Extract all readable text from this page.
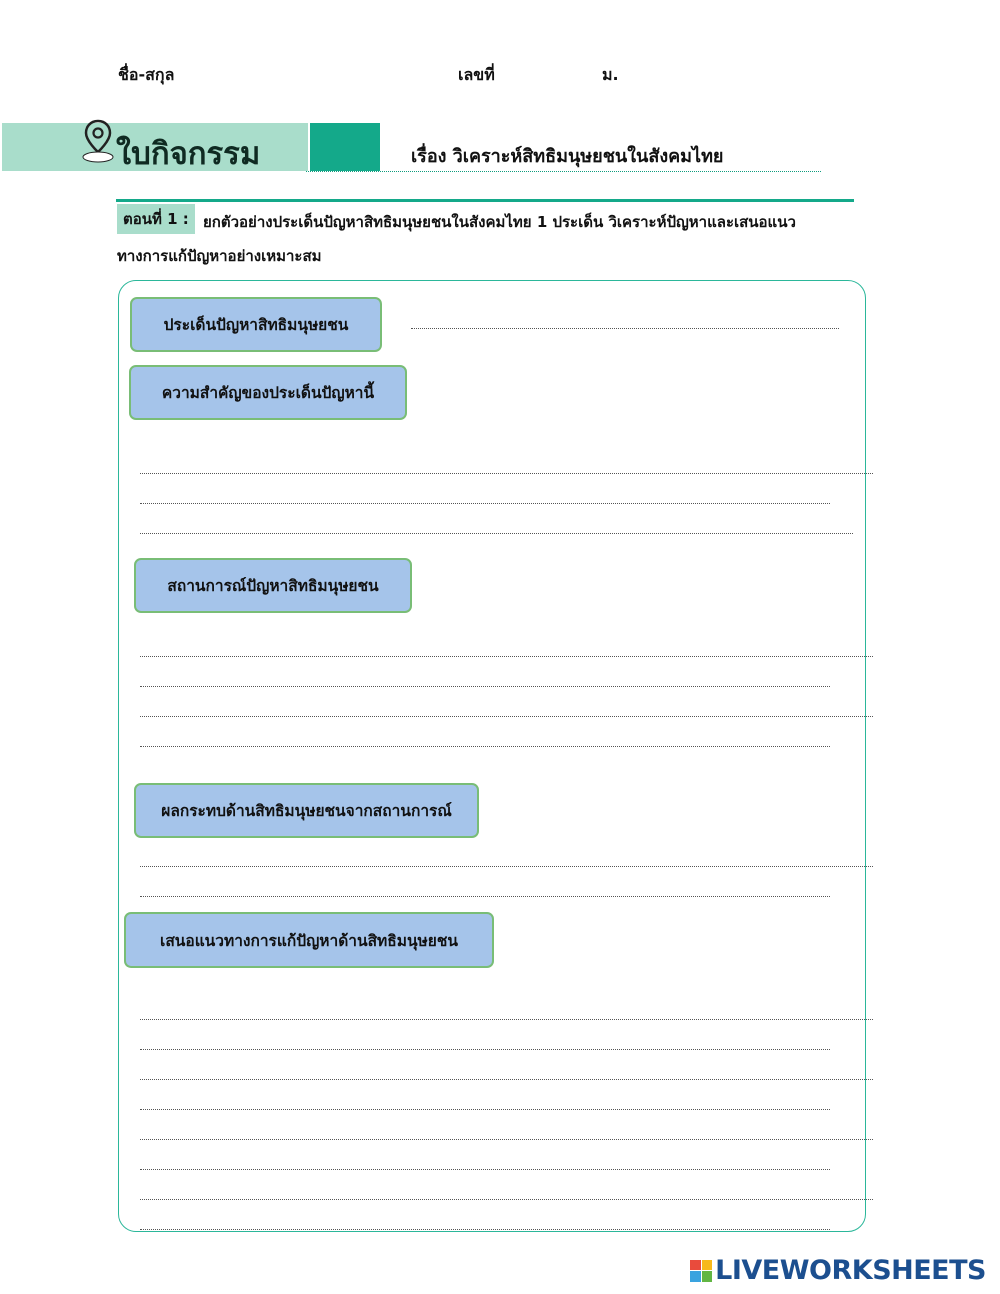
ชื่อ-สกุล	เลขที่	ม.
ใบกิจกรรม	เรื่อง วิเคราะห์สิทธิมนุษยชนในสังคมไทย
ตอนที่ 1 : ยกตัวอย่างประเด็นปัญหาสิทธิมนุษยชนในสังคมไทย 1 ประเด็น วิเคราะห์ปัญหาและเสนอแนว
ทางการแก้ปัญหาอย่างเหมาะสม
ประเด็นปัญหาสิทธิมนุษยชน
ความสำคัญของประเด็นปัญหานี้
สถานการณ์ปัญหาสิทธิมนุษยชน
ผลกระทบด้านสิทธิมนุษยชนจากสถานการณ์
เสนอแนวทางการแก้ปัญหาด้านสิทธิมนุษยชน
LIVEWORKSHEETS
